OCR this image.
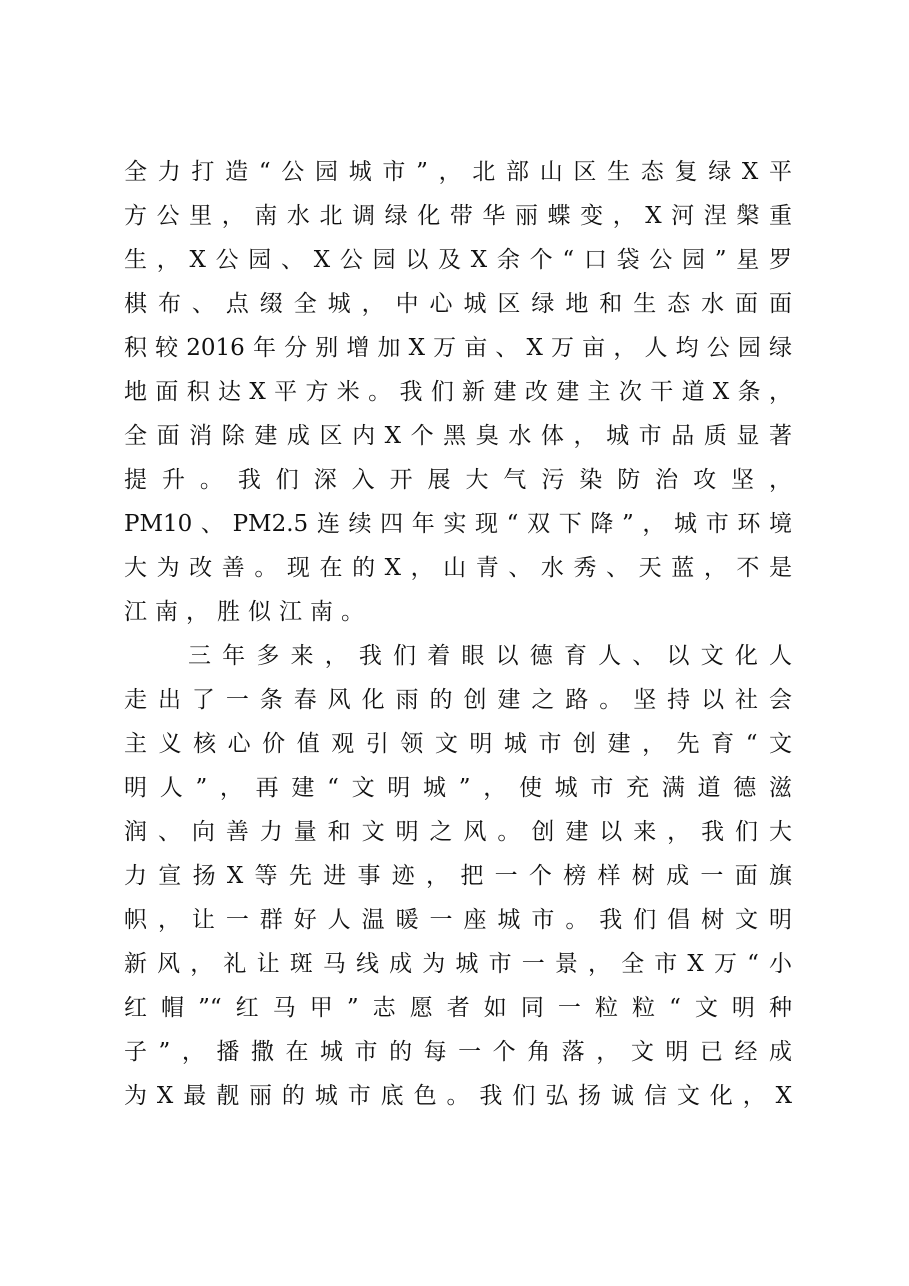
全力打造“公园城市”，北部山区生态复绿X平
方公里，南水北调绿化带华丽蝶变，X河涅槃重
生，X公园、X公园以及X余个“口袋公园”星罗
棋布、点缀全城，中心城区绿地和生态水面面
积较2016年分别增加X万亩、X万亩，人均公园绿
地面积达X平方米。我们新建改建主次干道X条，
全面消除建成区内X个黑臭水体，城市品质显著
提升。我们深入开展大气污染防治攻坚，
PM10、PM2.5连续四年实现“双下降”，城市环境
大为改善。现在的X，山青、水秀、天蓝，不是
江南，胜似江南。
三年多来，我们着眼以德育人、以文化人
走出了一条春风化雨的创建之路。坚持以社会
主义核心价值观引领文明城市创建，先育“文
明人”，再建“文明城”，使城市充满道德滋
润、向善力量和文明之风。创建以来，我们大
力宣扬X等先进事迹，把一个榜样树成一面旗
帜，让一群好人温暖一座城市。我们倡树文明
新风，礼让斑马线成为城市一景，全市X万“小
红帽”“红马甲”志愿者如同一粒粒“文明种
子”，播撒在城市的每一个角落，文明已经成
为X最靓丽的城市底色。我们弘扬诚信文化，X
